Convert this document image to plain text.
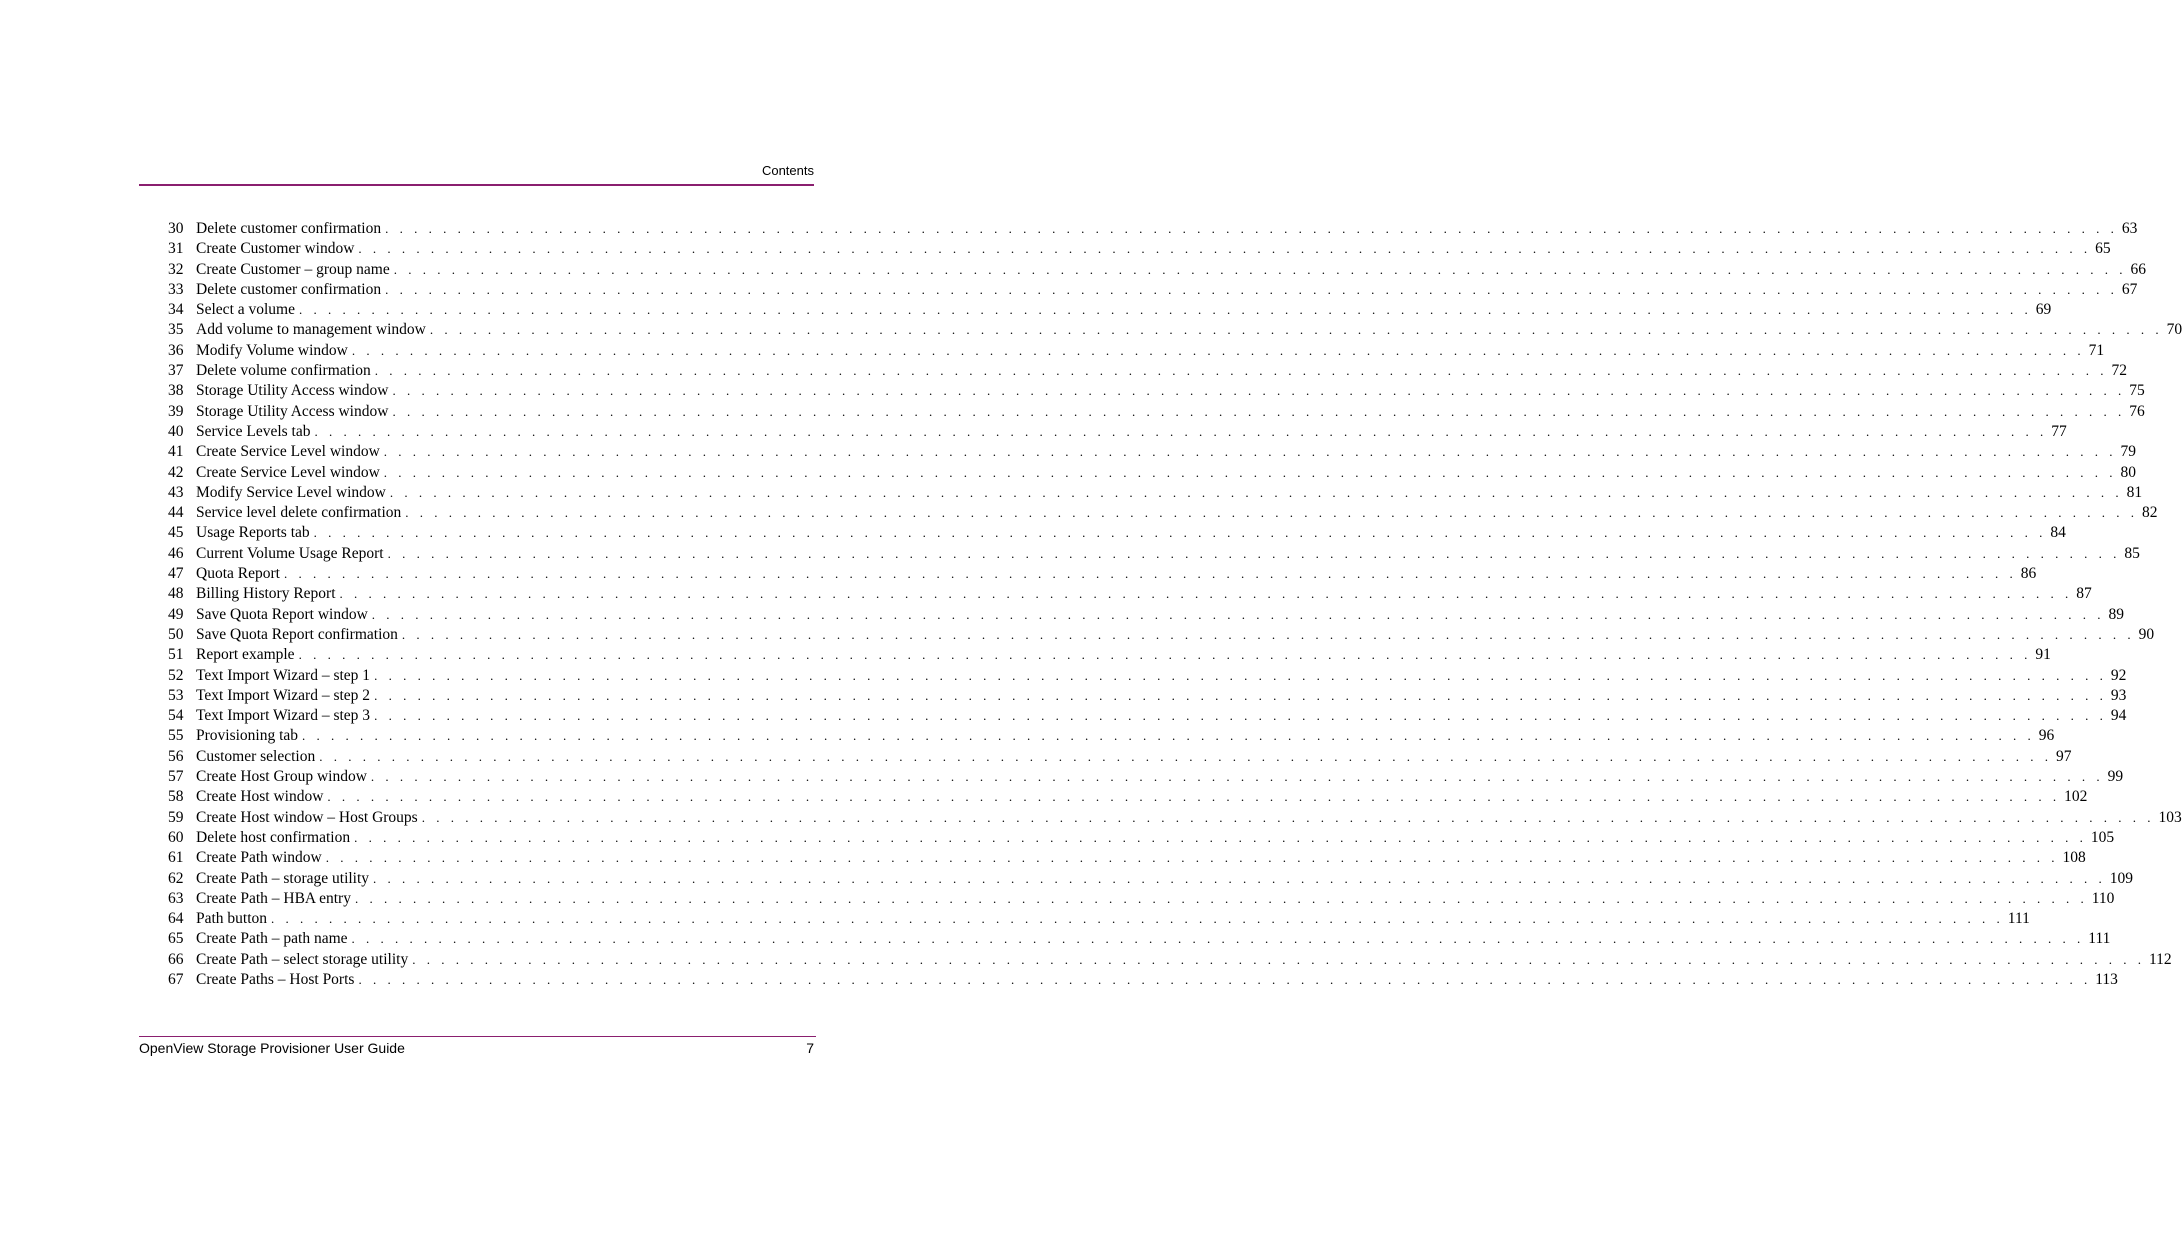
Contents
30 Delete customer confirmation . . . . . . . . . . . . . . . . . . . . . . . . . . . . . . . . . . . . . . . . . . . . . . . . . . . . . . . . . . . . . . . . . . . . . . . . . . . . . . . . . . . . . . . . . . . . . . . . . . . . . . . . . . . . . . . . . . . . . . . . 63
31 Create Customer window . . . . . . . . . . . . . . . . . . . . . . . . . . . . . . . . . . . . . . . . . . . . . . . . . . . . . . . . . . . . . . . . . . . . . . . . . . . . . . . . . . . . . . . . . . . . . . . . . . . . . . . . . . . . . . . . . . . . . . . . 65
32 Create Customer – group name . . . . . . . . . . . . . . . . . . . . . . . . . . . . . . . . . . . . . . . . . . . . . . . . . . . . . . . . . . . . . . . . . . . . . . . . . . . . . . . . . . . . . . . . . . . . . . . . . . . . . . . . . . . . . . . . . . . . . . . . 66
33 Delete customer confirmation . . . . . . . . . . . . . . . . . . . . . . . . . . . . . . . . . . . . . . . . . . . . . . . . . . . . . . . . . . . . . . . . . . . . . . . . . . . . . . . . . . . . . . . . . . . . . . . . . . . . . . . . . . . . . . . . . . . . . . . . 67
34 Select a volume . . . . . . . . . . . . . . . . . . . . . . . . . . . . . . . . . . . . . . . . . . . . . . . . . . . . . . . . . . . . . . . . . . . . . . . . . . . . . . . . . . . . . . . . . . . . . . . . . . . . . . . . . . . . . . . . . . . . . . . . 69
35 Add volume to management window . . . . . . . . . . . . . . . . . . . . . . . . . . . . . . . . . . . . . . . . . . . . . . . . . . . . . . . . . . . . . . . . . . . . . . . . . . . . . . . . . . . . . . . . . . . . . . . . . . . . . . . . . . . . . . . . . . . . . . . . 70
36 Modify Volume window . . . . . . . . . . . . . . . . . . . . . . . . . . . . . . . . . . . . . . . . . . . . . . . . . . . . . . . . . . . . . . . . . . . . . . . . . . . . . . . . . . . . . . . . . . . . . . . . . . . . . . . . . . . . . . . . . . . . . . . . 71
37 Delete volume confirmation . . . . . . . . . . . . . . . . . . . . . . . . . . . . . . . . . . . . . . . . . . . . . . . . . . . . . . . . . . . . . . . . . . . . . . . . . . . . . . . . . . . . . . . . . . . . . . . . . . . . . . . . . . . . . . . . . . . . . . . . 72
38 Storage Utility Access window . . . . . . . . . . . . . . . . . . . . . . . . . . . . . . . . . . . . . . . . . . . . . . . . . . . . . . . . . . . . . . . . . . . . . . . . . . . . . . . . . . . . . . . . . . . . . . . . . . . . . . . . . . . . . . . . . . . . . . . . 75
39 Storage Utility Access window . . . . . . . . . . . . . . . . . . . . . . . . . . . . . . . . . . . . . . . . . . . . . . . . . . . . . . . . . . . . . . . . . . . . . . . . . . . . . . . . . . . . . . . . . . . . . . . . . . . . . . . . . . . . . . . . . . . . . . . . 76
40 Service Levels tab . . . . . . . . . . . . . . . . . . . . . . . . . . . . . . . . . . . . . . . . . . . . . . . . . . . . . . . . . . . . . . . . . . . . . . . . . . . . . . . . . . . . . . . . . . . . . . . . . . . . . . . . . . . . . . . . . . . . . . . . 77
41 Create Service Level window . . . . . . . . . . . . . . . . . . . . . . . . . . . . . . . . . . . . . . . . . . . . . . . . . . . . . . . . . . . . . . . . . . . . . . . . . . . . . . . . . . . . . . . . . . . . . . . . . . . . . . . . . . . . . . . . . . . . . . . . 79
42 Create Service Level window . . . . . . . . . . . . . . . . . . . . . . . . . . . . . . . . . . . . . . . . . . . . . . . . . . . . . . . . . . . . . . . . . . . . . . . . . . . . . . . . . . . . . . . . . . . . . . . . . . . . . . . . . . . . . . . . . . . . . . . . 80
43 Modify Service Level window . . . . . . . . . . . . . . . . . . . . . . . . . . . . . . . . . . . . . . . . . . . . . . . . . . . . . . . . . . . . . . . . . . . . . . . . . . . . . . . . . . . . . . . . . . . . . . . . . . . . . . . . . . . . . . . . . . . . . . . . 81
44 Service level delete confirmation . . . . . . . . . . . . . . . . . . . . . . . . . . . . . . . . . . . . . . . . . . . . . . . . . . . . . . . . . . . . . . . . . . . . . . . . . . . . . . . . . . . . . . . . . . . . . . . . . . . . . . . . . . . . . . . . . . . . . . . . 82
45 Usage Reports tab . . . . . . . . . . . . . . . . . . . . . . . . . . . . . . . . . . . . . . . . . . . . . . . . . . . . . . . . . . . . . . . . . . . . . . . . . . . . . . . . . . . . . . . . . . . . . . . . . . . . . . . . . . . . . . . . . . . . . . . . 84
46 Current Volume Usage Report . . . . . . . . . . . . . . . . . . . . . . . . . . . . . . . . . . . . . . . . . . . . . . . . . . . . . . . . . . . . . . . . . . . . . . . . . . . . . . . . . . . . . . . . . . . . . . . . . . . . . . . . . . . . . . . . . . . . . . . . 85
47 Quota Report . . . . . . . . . . . . . . . . . . . . . . . . . . . . . . . . . . . . . . . . . . . . . . . . . . . . . . . . . . . . . . . . . . . . . . . . . . . . . . . . . . . . . . . . . . . . . . . . . . . . . . . . . . . . . . . . . . . . . . . . 86
48 Billing History Report . . . . . . . . . . . . . . . . . . . . . . . . . . . . . . . . . . . . . . . . . . . . . . . . . . . . . . . . . . . . . . . . . . . . . . . . . . . . . . . . . . . . . . . . . . . . . . . . . . . . . . . . . . . . . . . . . . . . . . . . 87
49 Save Quota Report window . . . . . . . . . . . . . . . . . . . . . . . . . . . . . . . . . . . . . . . . . . . . . . . . . . . . . . . . . . . . . . . . . . . . . . . . . . . . . . . . . . . . . . . . . . . . . . . . . . . . . . . . . . . . . . . . . . . . . . . . 89
50 Save Quota Report confirmation . . . . . . . . . . . . . . . . . . . . . . . . . . . . . . . . . . . . . . . . . . . . . . . . . . . . . . . . . . . . . . . . . . . . . . . . . . . . . . . . . . . . . . . . . . . . . . . . . . . . . . . . . . . . . . . . . . . . . . . . 90
51 Report example . . . . . . . . . . . . . . . . . . . . . . . . . . . . . . . . . . . . . . . . . . . . . . . . . . . . . . . . . . . . . . . . . . . . . . . . . . . . . . . . . . . . . . . . . . . . . . . . . . . . . . . . . . . . . . . . . . . . . . . . 91
52 Text Import Wizard – step 1 . . . . . . . . . . . . . . . . . . . . . . . . . . . . . . . . . . . . . . . . . . . . . . . . . . . . . . . . . . . . . . . . . . . . . . . . . . . . . . . . . . . . . . . . . . . . . . . . . . . . . . . . . . . . . . . . . . . . . . . . 92
53 Text Import Wizard – step 2 . . . . . . . . . . . . . . . . . . . . . . . . . . . . . . . . . . . . . . . . . . . . . . . . . . . . . . . . . . . . . . . . . . . . . . . . . . . . . . . . . . . . . . . . . . . . . . . . . . . . . . . . . . . . . . . . . . . . . . . . 93
54 Text Import Wizard – step 3 . . . . . . . . . . . . . . . . . . . . . . . . . . . . . . . . . . . . . . . . . . . . . . . . . . . . . . . . . . . . . . . . . . . . . . . . . . . . . . . . . . . . . . . . . . . . . . . . . . . . . . . . . . . . . . . . . . . . . . . . 94
55 Provisioning tab . . . . . . . . . . . . . . . . . . . . . . . . . . . . . . . . . . . . . . . . . . . . . . . . . . . . . . . . . . . . . . . . . . . . . . . . . . . . . . . . . . . . . . . . . . . . . . . . . . . . . . . . . . . . . . . . . . . . . . . . 96
56 Customer selection . . . . . . . . . . . . . . . . . . . . . . . . . . . . . . . . . . . . . . . . . . . . . . . . . . . . . . . . . . . . . . . . . . . . . . . . . . . . . . . . . . . . . . . . . . . . . . . . . . . . . . . . . . . . . . . . . . . . . . . . 97
57 Create Host Group window . . . . . . . . . . . . . . . . . . . . . . . . . . . . . . . . . . . . . . . . . . . . . . . . . . . . . . . . . . . . . . . . . . . . . . . . . . . . . . . . . . . . . . . . . . . . . . . . . . . . . . . . . . . . . . . . . . . . . . . . 99
58 Create Host window . . . . . . . . . . . . . . . . . . . . . . . . . . . . . . . . . . . . . . . . . . . . . . . . . . . . . . . . . . . . . . . . . . . . . . . . . . . . . . . . . . . . . . . . . . . . . . . . . . . . . . . . . . . . . . . . . . . . . . . . 102
59 Create Host window – Host Groups . . . . . . . . . . . . . . . . . . . . . . . . . . . . . . . . . . . . . . . . . . . . . . . . . . . . . . . . . . . . . . . . . . . . . . . . . . . . . . . . . . . . . . . . . . . . . . . . . . . . . . . . . . . . . . . . . . . . . . . . 103
60 Delete host confirmation . . . . . . . . . . . . . . . . . . . . . . . . . . . . . . . . . . . . . . . . . . . . . . . . . . . . . . . . . . . . . . . . . . . . . . . . . . . . . . . . . . . . . . . . . . . . . . . . . . . . . . . . . . . . . . . . . . . . . . . . 105
61 Create Path window . . . . . . . . . . . . . . . . . . . . . . . . . . . . . . . . . . . . . . . . . . . . . . . . . . . . . . . . . . . . . . . . . . . . . . . . . . . . . . . . . . . . . . . . . . . . . . . . . . . . . . . . . . . . . . . . . . . . . . . . 108
62 Create Path – storage utility . . . . . . . . . . . . . . . . . . . . . . . . . . . . . . . . . . . . . . . . . . . . . . . . . . . . . . . . . . . . . . . . . . . . . . . . . . . . . . . . . . . . . . . . . . . . . . . . . . . . . . . . . . . . . . . . . . . . . . . . 109
63 Create Path – HBA entry . . . . . . . . . . . . . . . . . . . . . . . . . . . . . . . . . . . . . . . . . . . . . . . . . . . . . . . . . . . . . . . . . . . . . . . . . . . . . . . . . . . . . . . . . . . . . . . . . . . . . . . . . . . . . . . . . . . . . . . . 110
64 Path button . . . . . . . . . . . . . . . . . . . . . . . . . . . . . . . . . . . . . . . . . . . . . . . . . . . . . . . . . . . . . . . . . . . . . . . . . . . . . . . . . . . . . . . . . . . . . . . . . . . . . . . . . . . . . . . . . . . . . . . . 111
65 Create Path – path name . . . . . . . . . . . . . . . . . . . . . . . . . . . . . . . . . . . . . . . . . . . . . . . . . . . . . . . . . . . . . . . . . . . . . . . . . . . . . . . . . . . . . . . . . . . . . . . . . . . . . . . . . . . . . . . . . . . . . . . . 111
66 Create Path – select storage utility . . . . . . . . . . . . . . . . . . . . . . . . . . . . . . . . . . . . . . . . . . . . . . . . . . . . . . . . . . . . . . . . . . . . . . . . . . . . . . . . . . . . . . . . . . . . . . . . . . . . . . . . . . . . . . . . . . . . . . . . 112
67 Create Paths – Host Ports . . . . . . . . . . . . . . . . . . . . . . . . . . . . . . . . . . . . . . . . . . . . . . . . . . . . . . . . . . . . . . . . . . . . . . . . . . . . . . . . . . . . . . . . . . . . . . . . . . . . . . . . . . . . . . . . . . . . . . . . 113
OpenView Storage Provisioner User Guide	7
